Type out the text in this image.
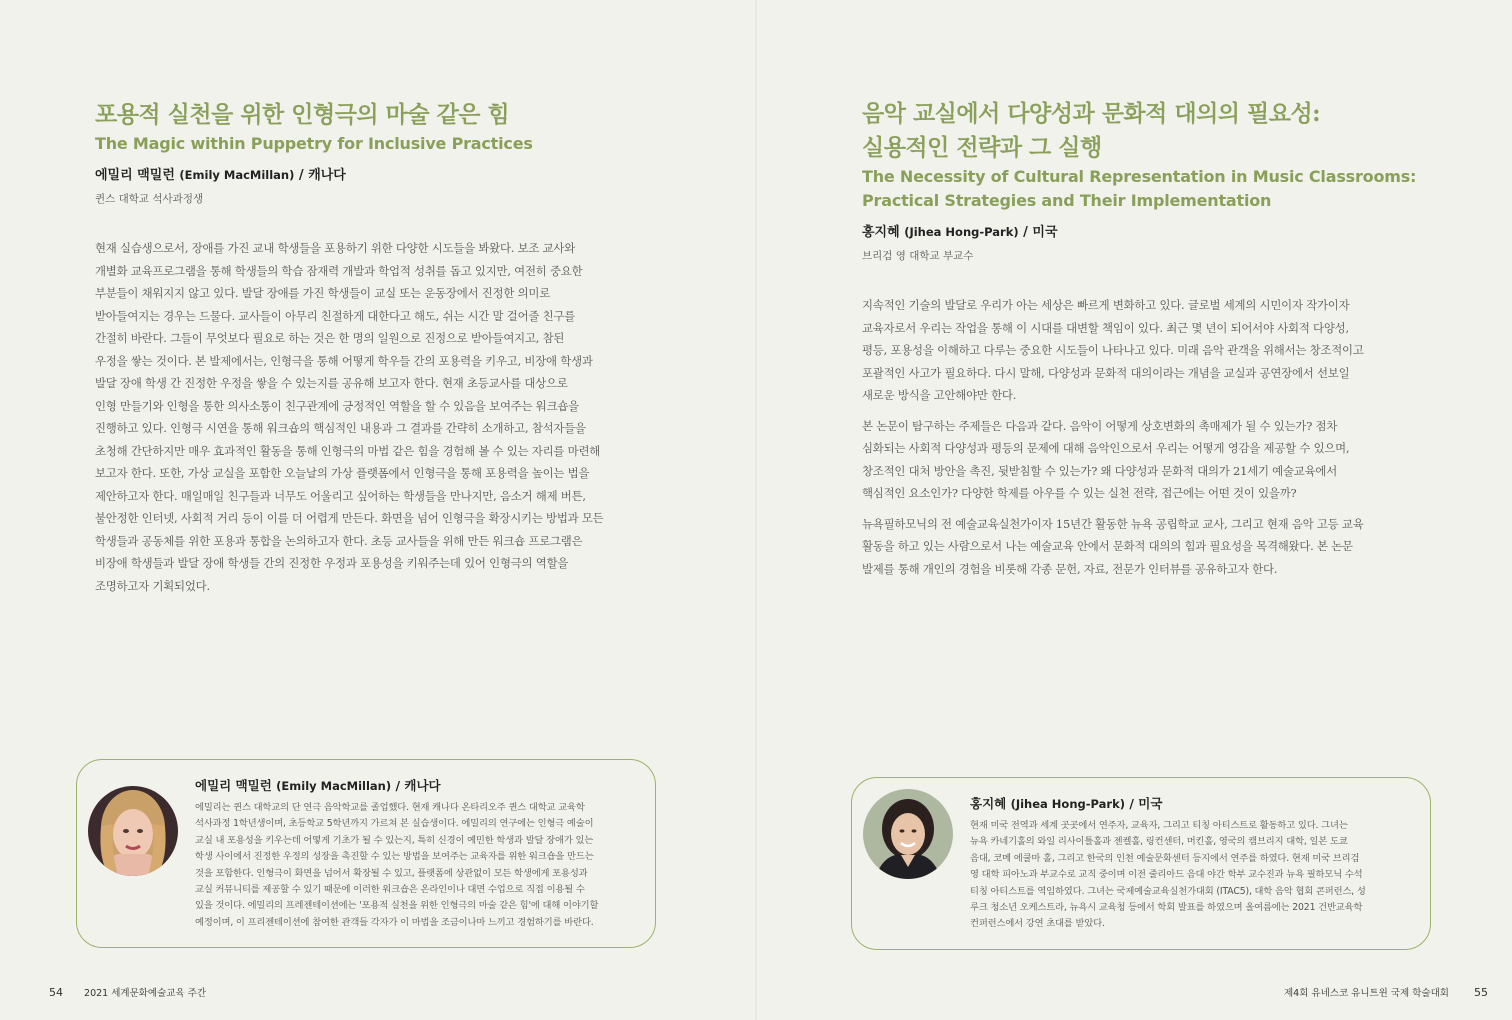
포용적 실천을 위한 인형극의 마술 같은 힘
The Magic within Puppetry for Inclusive Practices
에밀리 맥밀런 (Emily MacMillan) / 캐나다
퀸스 대학교 석사과정생
현재 실습생으로서, 장애를 가진 교내 학생들을 포용하기 위한 다양한 시도들을 봐왔다. 보조 교사와
개별화 교육프로그램을 통해 학생들의 학습 잠재력 개발과 학업적 성취를 돕고 있지만, 여전히 중요한
부분들이 채워지지 않고 있다. 발달 장애를 가진 학생들이 교실 또는 운동장에서 진정한 의미로
받아들여지는 경우는 드물다. 교사들이 아무리 친절하게 대한다고 해도, 쉬는 시간 말 걸어줄 친구를
간절히 바란다. 그들이 무엇보다 필요로 하는 것은 한 명의 일원으로 진정으로 받아들여지고, 참된
우정을 쌓는 것이다. 본 발제에서는, 인형극을 통해 어떻게 학우들 간의 포용력을 키우고, 비장애 학생과
발달 장애 학생 간 진정한 우정을 쌓을 수 있는지를 공유해 보고자 한다. 현재 초등교사를 대상으로
인형 만들기와 인형을 통한 의사소통이 친구관계에 긍정적인 역할을 할 수 있음을 보여주는 워크숍을
진행하고 있다. 인형극 시연을 통해 워크숍의 핵심적인 내용과 그 결과를 간략히 소개하고, 참석자들을
초청해 간단하지만 매우 효과적인 활동을 통해 인형극의 마법 같은 힘을 경험해 볼 수 있는 자리를 마련해
보고자 한다. 또한, 가상 교실을 포함한 오늘날의 가상 플랫폼에서 인형극을 통해 포용력을 높이는 법을
제안하고자 한다. 매일매일 친구들과 너무도 어울리고 싶어하는 학생들을 만나지만, 음소거 해제 버튼,
불안정한 인터넷, 사회적 거리 등이 이를 더 어렵게 만든다. 화면을 넘어 인형극을 확장시키는 방법과 모든
학생들과 공동체를 위한 포용과 통합을 논의하고자 한다. 초등 교사들을 위해 만든 워크숍 프로그램은
비장애 학생들과 발달 장애 학생들 간의 진정한 우정과 포용성을 키워주는데 있어 인형극의 역할을
조명하고자 기획되었다.
에밀리 맥밀런 (Emily MacMillan) / 캐나다
에밀리는 퀸스 대학교의 단 연극 음악학교를 졸업했다. 현재 캐나다 온타리오주 퀸스 대학교 교육학
석사과정 1학년생이며, 초등학교 5학년까지 가르쳐 본 실습생이다. 에밀리의 연구에는 인형극 예술이
교실 내 포용성을 키우는데 어떻게 기초가 될 수 있는지, 특히 신경이 예민한 학생과 발달 장애가 있는
학생 사이에서 진정한 우정의 성장을 촉진할 수 있는 방법을 보여주는 교육자를 위한 워크숍을 만드는
것을 포함한다. 인형극이 화면을 넘어서 확장될 수 있고, 플랫폼에 상관없이 모든 학생에게 포용성과
교실 커뮤니티를 제공할 수 있기 때문에 이러한 워크숍은 온라인이나 대면 수업으로 직접 이용될 수
있을 것이다. 에밀리의 프레젠테이션에는 '포용적 실천을 위한 인형극의 마술 같은 힘'에 대해 이야기할
예정이며, 이 프리젠테이션에 참여한 관객들 각자가 이 마법을 조금이나마 느끼고 경험하기를 바란다.
54 2021 세계문화예술교육 주간
음악 교실에서 다양성과 문화적 대의의 필요성:
실용적인 전략과 그 실행
The Necessity of Cultural Representation in Music Classrooms:
Practical Strategies and Their Implementation
홍지혜 (Jihea Hong-Park) / 미국
브리검 영 대학교 부교수

지속적인 기술의 발달로 우리가 아는 세상은 빠르게 변화하고 있다. 글로벌 세계의 시민이자 작가이자
교육자로서 우리는 작업을 통해 이 시대를 대변할 책임이 있다. 최근 몇 년이 되어서야 사회적 다양성,
평등, 포용성을 이해하고 다루는 중요한 시도들이 나타나고 있다. 미래 음악 관객을 위해서는 창조적이고
포괄적인 사고가 필요하다. 다시 말해, 다양성과 문화적 대의이라는 개념을 교실과 공연장에서 선보일
새로운 방식을 고안해야만 한다.

본 논문이 탐구하는 주제들은 다음과 같다. 음악이 어떻게 상호변화의 촉매제가 될 수 있는가? 점차
심화되는 사회적 다양성과 평등의 문제에 대해 음악인으로서 우리는 어떻게 영감을 제공할 수 있으며,
창조적인 대처 방안을 촉진, 뒷받침할 수 있는가? 왜 다양성과 문화적 대의가 21세기 예술교육에서
핵심적인 요소인가? 다양한 학제를 아우를 수 있는 실천 전략, 접근에는 어떤 것이 있을까?

뉴욕필하모닉의 전 예술교육실천가이자 15년간 활동한 뉴욕 공립학교 교사, 그리고 현재 음악 고등 교육
활동을 하고 있는 사람으로서 나는 예술교육 안에서 문화적 대의의 힘과 필요성을 목격해왔다. 본 논문
발제를 통해 개인의 경험을 비롯해 각종 문헌, 자료, 전문가 인터뷰를 공유하고자 한다.

홍지혜 (Jihea Hong-Park) / 미국
현재 미국 전역과 세계 곳곳에서 연주자, 교육자, 그리고 티칭 아티스트로 활동하고 있다. 그녀는
뉴욕 카네기홀의 와일 리사이틀홀과 젠켈홀, 링컨센터, 머킨홀, 영국의 캠브리지 대학, 일본 도쿄
음대, 코메 에쿨마 홀, 그리고 한국의 인천 예술문화센터 등지에서 연주를 하였다. 현재 미국 브리검
영 대학 피아노과 부교수로 교직 중이며 이전 줄리아드 음대 야간 학부 교수진과 뉴욕 필하모닉 수석
티칭 아티스트를 역임하였다. 그녀는 국제예술교육실천가대회 (ITAC5), 대학 음악 협회 콘퍼런스, 성
루크 청소년 오케스트라, 뉴욕시 교육청 등에서 학회 발표를 하였으며 올여름에는 2021 건반교육학
컨퍼런스에서 강연 초대를 받았다.
제4회 유네스코 유니트윈 국제 학술대회 55
